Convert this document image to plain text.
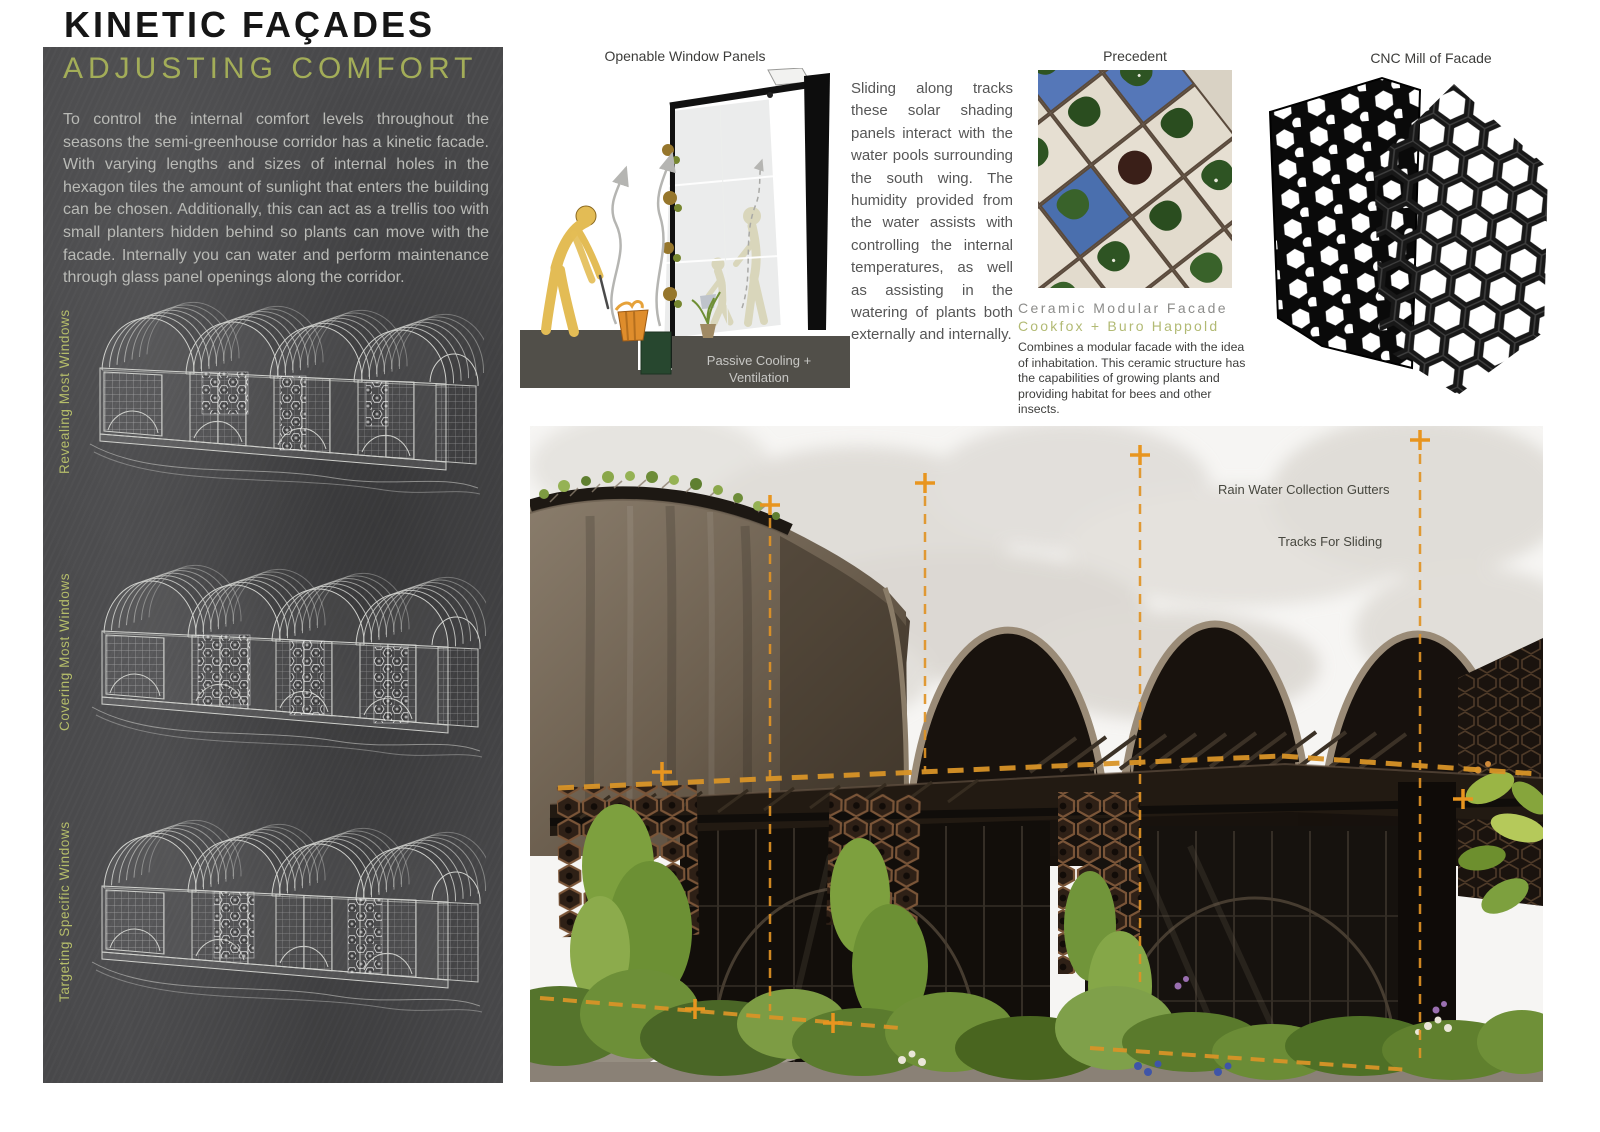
KINETIC FAÇADES
ADJUSTING COMFORT

To control the internal comfort levels throughout the seasons the semi-greenhouse corridor has a kinetic facade. With varying lengths and sizes of internal holes in the hexagon tiles the amount of sunlight that enters the building can be chosen. Additionally, this can act as a trellis too with small planters hidden behind so plants can move with the facade. Internally you can water and perform maintenance through glass panel openings along the corridor.

Revealing Most Windows
Covering Most Windows
Targeting Specific Windows
Openable Window Panels
Passive Cooling + Ventilation

Sliding along tracks these solar shading panels interact with the water pools surrounding the south wing. The humidity provided from the water assists with controlling the internal temperatures, as well as assisting in the watering of plants both externally and internally.

Precedent
Ceramic Modular Facade
Cookfox + Buro Happold

Combines a modular facade with the idea of inhabitation. This ceramic structure has the capabilities of growing plants and providing habitat for bees and other insects.

CNC Mill of Facade
Rain Water Collection Gutters
Tracks For Sliding
